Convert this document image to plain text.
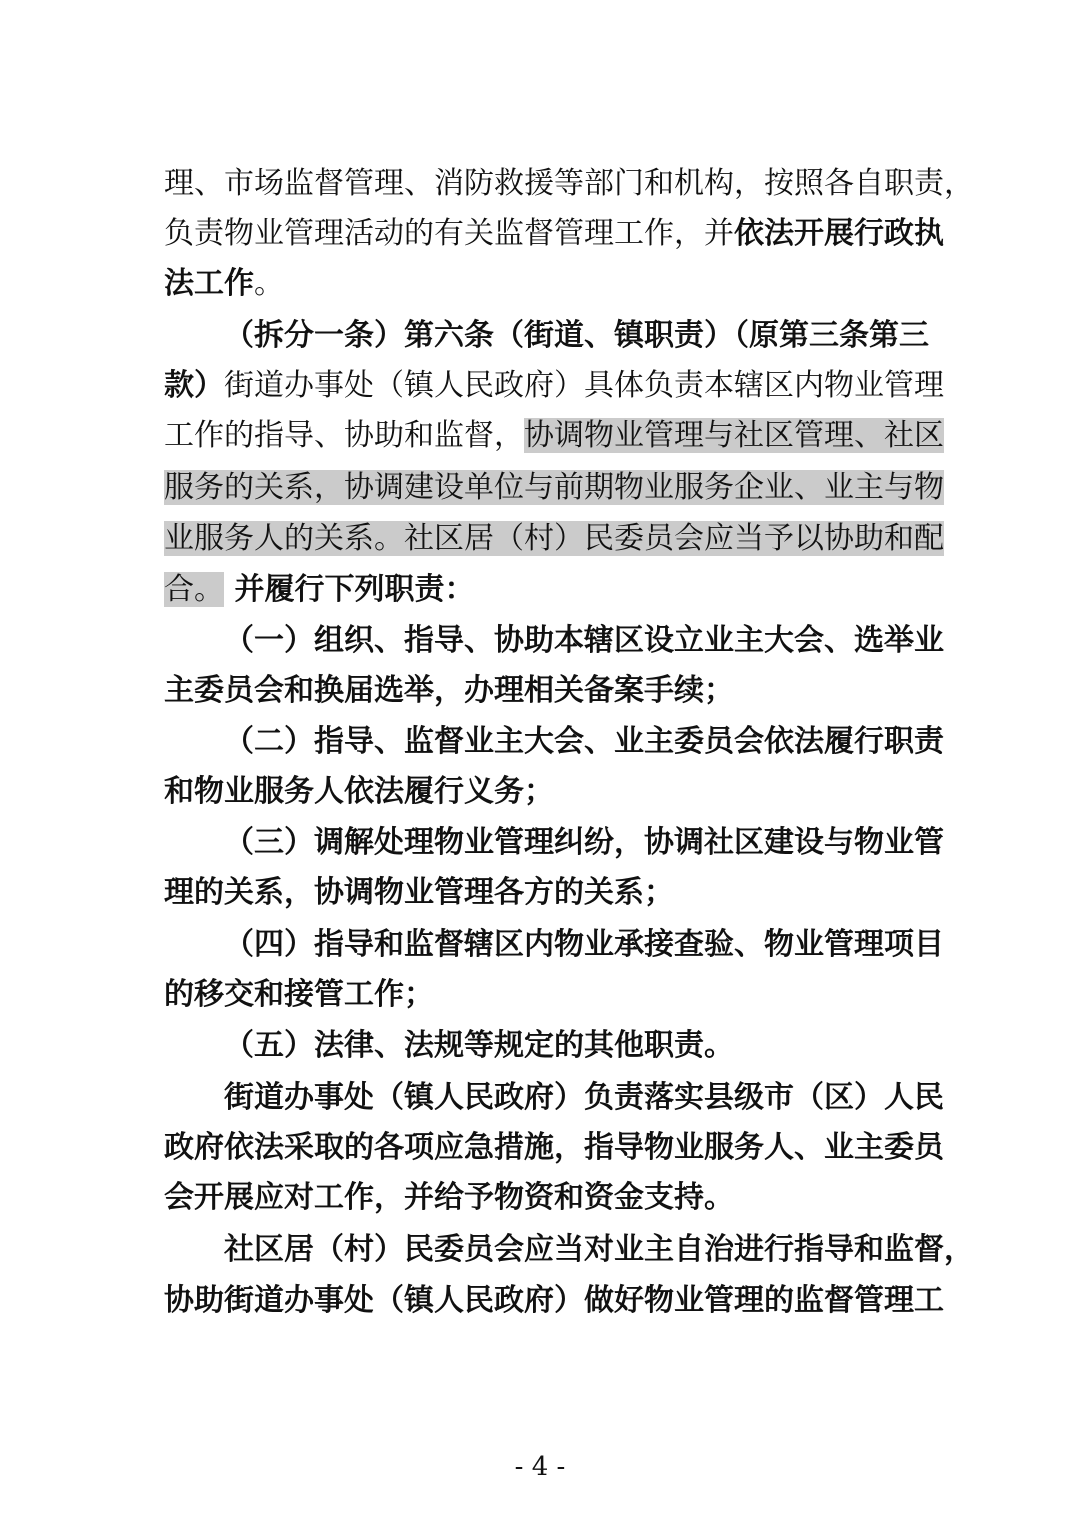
理、市场监督管理、消防救援等部门和机构，按照各自职责，
负责物业管理活动的有关监督管理工作，并依法开展行政执
法工作。
（拆分一条）第六条（街道、镇职责）（原第三条第三
款）街道办事处（镇人民政府）具体负责本辖区内物业管理
工作的指导、协助和监督，协调物业管理与社区管理、社区
服务的关系，协调建设单位与前期物业服务企业、业主与物
业服务人的关系。社区居（村）民委员会应当予以协助和配
合。 并履行下列职责：
（一）组织、指导、协助本辖区设立业主大会、选举业
主委员会和换届选举，办理相关备案手续；
（二）指导、监督业主大会、业主委员会依法履行职责
和物业服务人依法履行义务；
（三）调解处理物业管理纠纷，协调社区建设与物业管
理的关系，协调物业管理各方的关系；
（四）指导和监督辖区内物业承接查验、物业管理项目
的移交和接管工作；
（五）法律、法规等规定的其他职责。
街道办事处（镇人民政府）负责落实县级市（区）人民
政府依法采取的各项应急措施，指导物业服务人、业主委员
会开展应对工作，并给予物资和资金支持。
社区居（村）民委员会应当对业主自治进行指导和监督，
协助街道办事处（镇人民政府）做好物业管理的监督管理工
- 4 -
